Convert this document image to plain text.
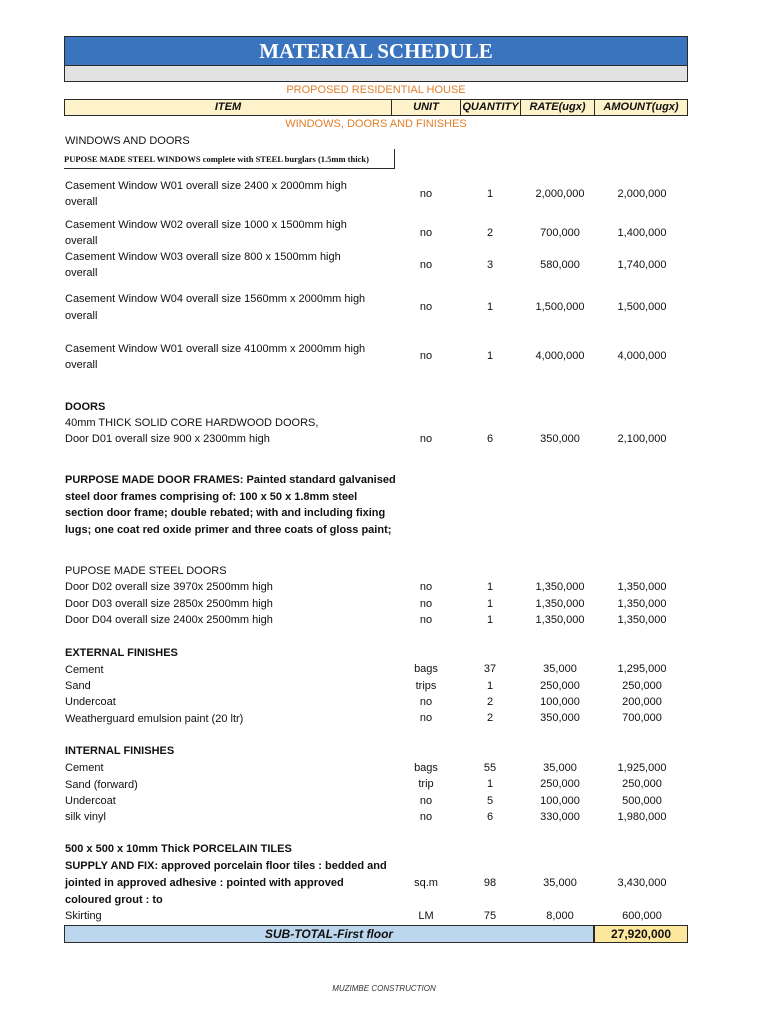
MATERIAL SCHEDULE
PROPOSED RESIDENTIAL HOUSE
ITEM	UNIT	QUANTITY RATE(ugx)	AMOUNT(ugx)
WINDOWS, DOORS AND FINISHES
WINDOWS AND DOORS
PUPOSE MADE STEEL WINDOWS complete with STEEL burglars (1.5mm thick)
Casement Window W01 overall size 2400 x 2000mm high
overall
no	1	2,000,000	2,000,000
Casement Window W02 overall size 1000 x 1500mm high
overall
no	2	700,000	1,400,000
Casement Window W03 overall size 800 x 1500mm high
overall
no	3	580,000	1,740,000
Casement Window W04 overall size 1560mm x 2000mm high
overall
no	1	1,500,000	1,500,000
Casement Window W01 overall size 4100mm x 2000mm high
overall
no	1	4,000,000	4,000,000
DOORS
40mm THICK SOLID CORE HARDWOOD DOORS,
Door D01 overall size 900 x 2300mm high	no	6	350,000	2,100,000
PURPOSE MADE DOOR FRAMES: Painted standard galvanised
steel door frames comprising of: 100 x 50 x 1.8mm steel
section door frame; double rebated; with and including fixing
lugs; one coat red oxide primer and three coats of gloss paint;
PUPOSE MADE STEEL DOORS
Door D02 overall size 3970x 2500mm high	no	1	1,350,000	1,350,000
Door D03 overall size 2850x 2500mm high	no	1	1,350,000	1,350,000
Door D04 overall size 2400x 2500mm high	no	1	1,350,000	1,350,000
EXTERNAL FINISHES
Cement	bags	37	35,000	1,295,000
Sand	trips	1	250,000	250,000
Undercoat	no	2	100,000	200,000
Weatherguard emulsion paint (20 ltr)	no	2	350,000	700,000
INTERNAL FINISHES
Cement	bags	55	35,000	1,925,000
Sand (forward)	trip	1	250,000	250,000
Undercoat	no	5	100,000	500,000
silk vinyl	no	6	330,000	1,980,000
500 x 500 x 10mm Thick PORCELAIN TILES
SUPPLY AND FIX: approved porcelain floor tiles : bedded and
jointed in approved adhesive : pointed with approved
coloured grout : to
sq.m	98	35,000	3,430,000
Skirting	LM	75	8,000	600,000
SUB-TOTAL-First floor	27,920,000
MUZIMBE CONSTRUCTION
